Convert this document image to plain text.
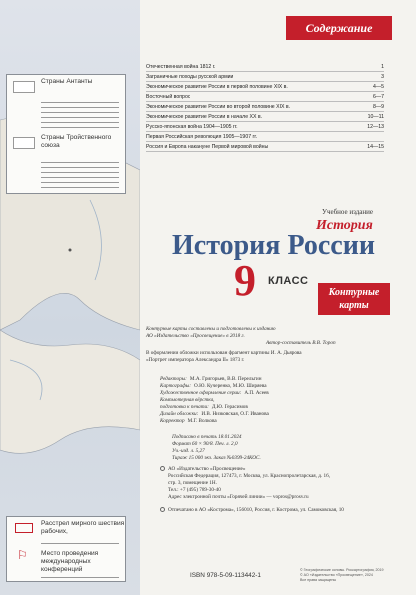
Страны Антанты
Страны Тройственного союза
Расстрел мирного шествия рабочих,
⚐ Место проведения международных конференций
Содержание
Отечественная война 1812 г.	1
Заграничные походы русской армии	3
Экономическое развитие России в первой половине XIX в.	4—5
Восточный вопрос	6—7
Экономическое развитие России во второй половине XIX в.	8—9
Экономическое развитие России в начале XX в.	10—11
Русско-японская война 1904—1905 гг.	12—13
Первая Российская революция 1905—1907 гг.
Россия и Европа накануне Первой мировой войны	14—15
Учебное издание
История
История России
9 КЛАСС
Контурные
карты
Контурные карты составлены и подготовлены к изданию
АО «Издательство «Просвещение» в 2018 г.
Автор-составитель В.В. Тороп
В оформлении обложки использован фрагмент картины И. А. Дьярова
«Портрет императора Александра II» 1873 г.
Редакторы: М.А. Григорьев, В.В. Перельгин
Картографы: О.Ю. Кучеренко, М.Ю. Ширяева
Художественное оформление серии: А.П. Асеев
Компьютерная вёрстка,
подготовка к печати: Д.Ю. Герасимов
Дизайн обложки: И.В. Низковская, О.Г. Иванова
Корректор М.Г. Волкова
Подписано в печать 18.01.2024
Формат 60 × 90/8. Печ. л. 2,0
Уч.-изд. л. 5,27
Тираж 15 000 экз. Заказ №0399-24КОС.
АО «Издательство «Просвещение»
Российская Федерация, 127473, г. Москва, ул. Краснопролетарская, д. 16,
стр. 3, помещение 1Н.
Тел.: +7 (495) 789-30-40
Адрес электронной почты «Горячей линии» — vopros@prosv.ru
Отпечатано в АО «Кострома», 156010, Россия, г. Кострома, ул. Самоковская, 10
ISBN 978-5-09-113442-1
© Географические основы. Роскартография, 2019
© АО «Издательство «Просвещение», 2024
Все права защищены
